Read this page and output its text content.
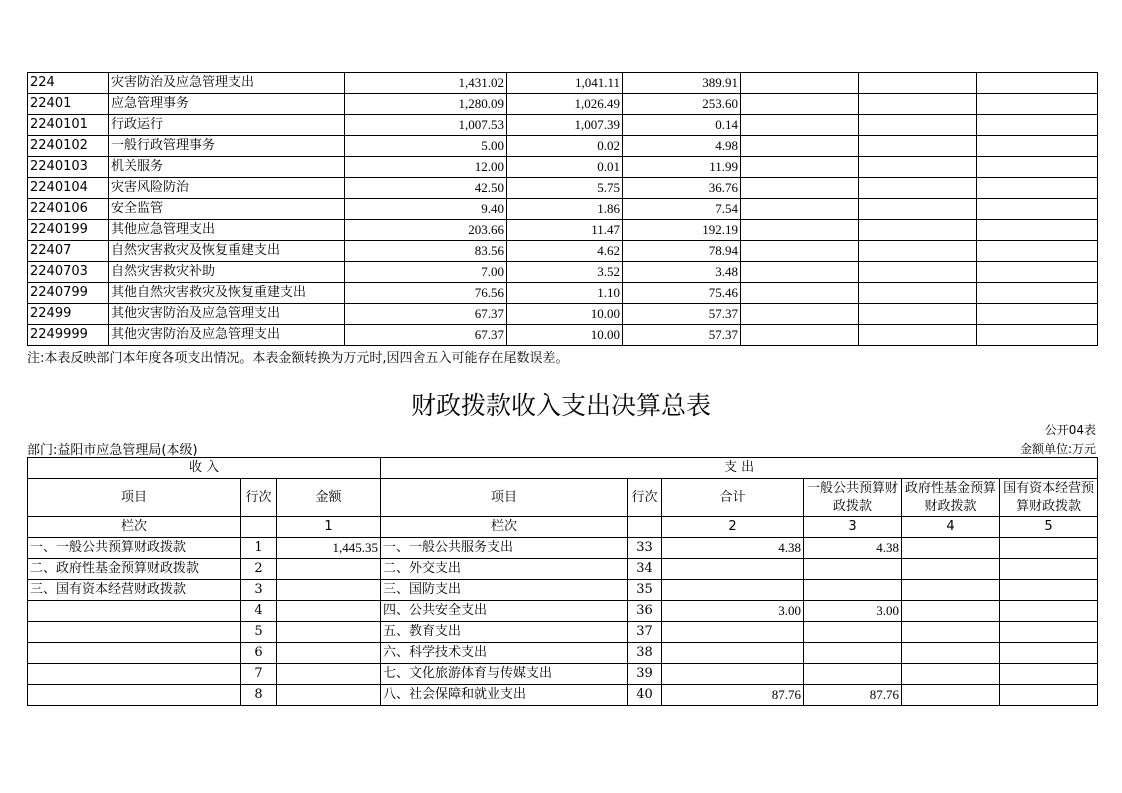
224	灾害防治及应急管理支出	1,431.02	1,041.11	389.91			
22401	应急管理事务	1,280.09	1,026.49	253.60			
2240101	行政运行	1,007.53	1,007.39	0.14			
2240102	一般行政管理事务	5.00	0.02	4.98			
2240103	机关服务	12.00	0.01	11.99			
2240104	灾害风险防治	42.50	5.75	36.76			
2240106	安全监管	9.40	1.86	7.54			
2240199	其他应急管理支出	203.66	11.47	192.19			
22407	自然灾害救灾及恢复重建支出	83.56	4.62	78.94			
2240703	自然灾害救灾补助	7.00	3.52	3.48			
2240799	其他自然灾害救灾及恢复重建支出	76.56	1.10	75.46			
22499	其他灾害防治及应急管理支出	67.37	10.00	57.37			
2249999	其他灾害防治及应急管理支出	67.37	10.00	57.37			
注:本表反映部门本年度各项支出情况。本表金额转换为万元时,因四舍五入可能存在尾数误差。
财政拨款收入支出决算总表
公开04表
部门:益阳市应急管理局(本级)	金额单位:万元
收 入			支 出					
项目	行次	金额	项目	行次	合计	一般公共预算财政拨款	政府性基金预算财政拨款	国有资本经营预算财政拨款
栏次		1	栏次		2	3	4	5
一、一般公共预算财政拨款	1	1,445.35	一、一般公共服务支出	33	4.38	4.38		
二、政府性基金预算财政拨款	2		二、外交支出	34				
三、国有资本经营财政拨款	3		三、国防支出	35				
	4		四、公共安全支出	36	3.00	3.00		
	5		五、教育支出	37				
	6		六、科学技术支出	38				
	7		七、文化旅游体育与传媒支出	39				
	8		八、社会保障和就业支出	40	87.76	87.76		
